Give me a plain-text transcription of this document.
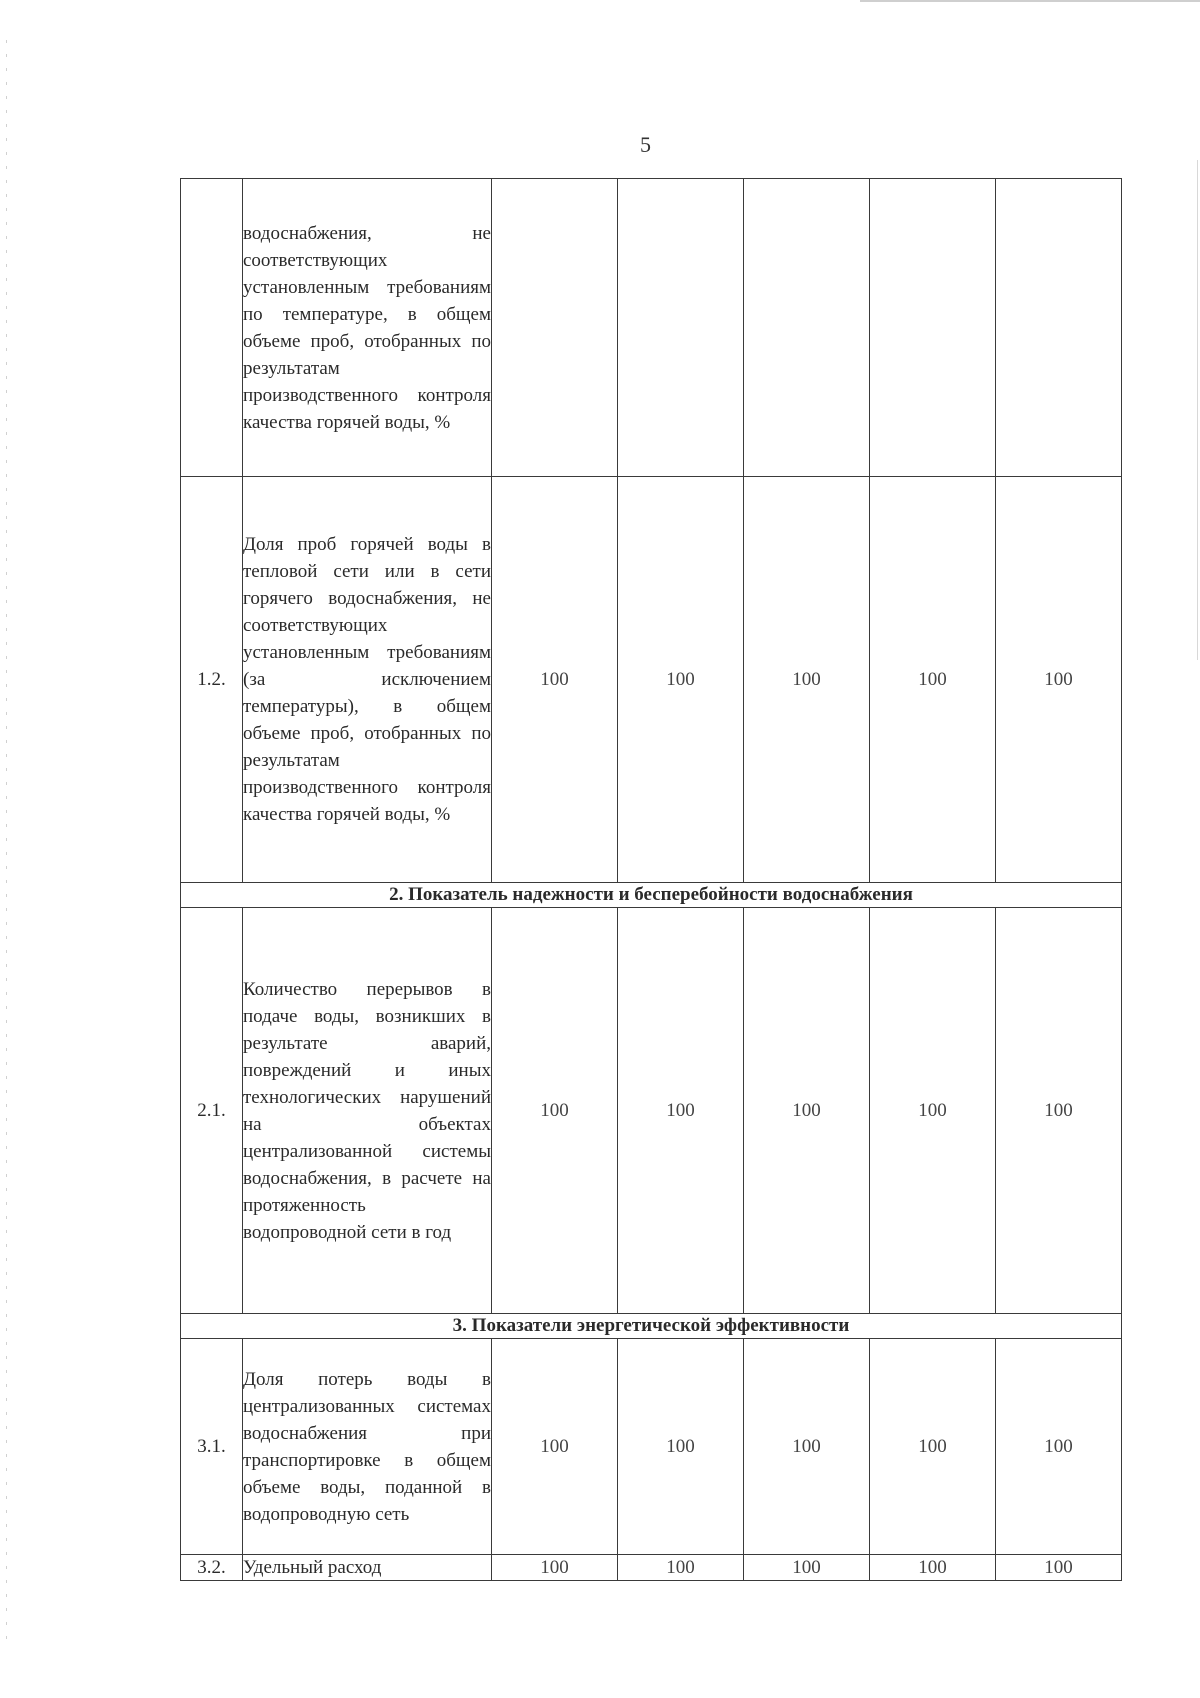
5

	водоснабжения, не соответствующих установленным требованиям по температуре, в общем объеме проб, отобранных по результатам производственного контроля качества горячей воды, %					

1.2.	Доля проб горячей воды в тепловой сети или в сети горячего водоснабжения, не соответствующих установленным требованиям (за исключением температуры), в общем объеме проб, отобранных по результатам производственного контроля качества горячей воды, %	100	100	100	100	100
2. Показатель надежности и бесперебойности водоснабжения						
2.1.	Количество перерывов в подаче воды, возникших в результате аварий, повреждений и иных технологических нарушений на объектах централизованной системы водоснабжения, в расчете на протяженность водопроводной сети в год	100	100	100	100	100
3. Показатели энергетической эффективности						
3.1.	Доля потерь воды в централизованных системах водоснабжения при транспортировке в общем объеме воды, поданной в водопроводную сеть	100	100	100	100	100
3.2.	Удельный расход	100	100	100	100	100
